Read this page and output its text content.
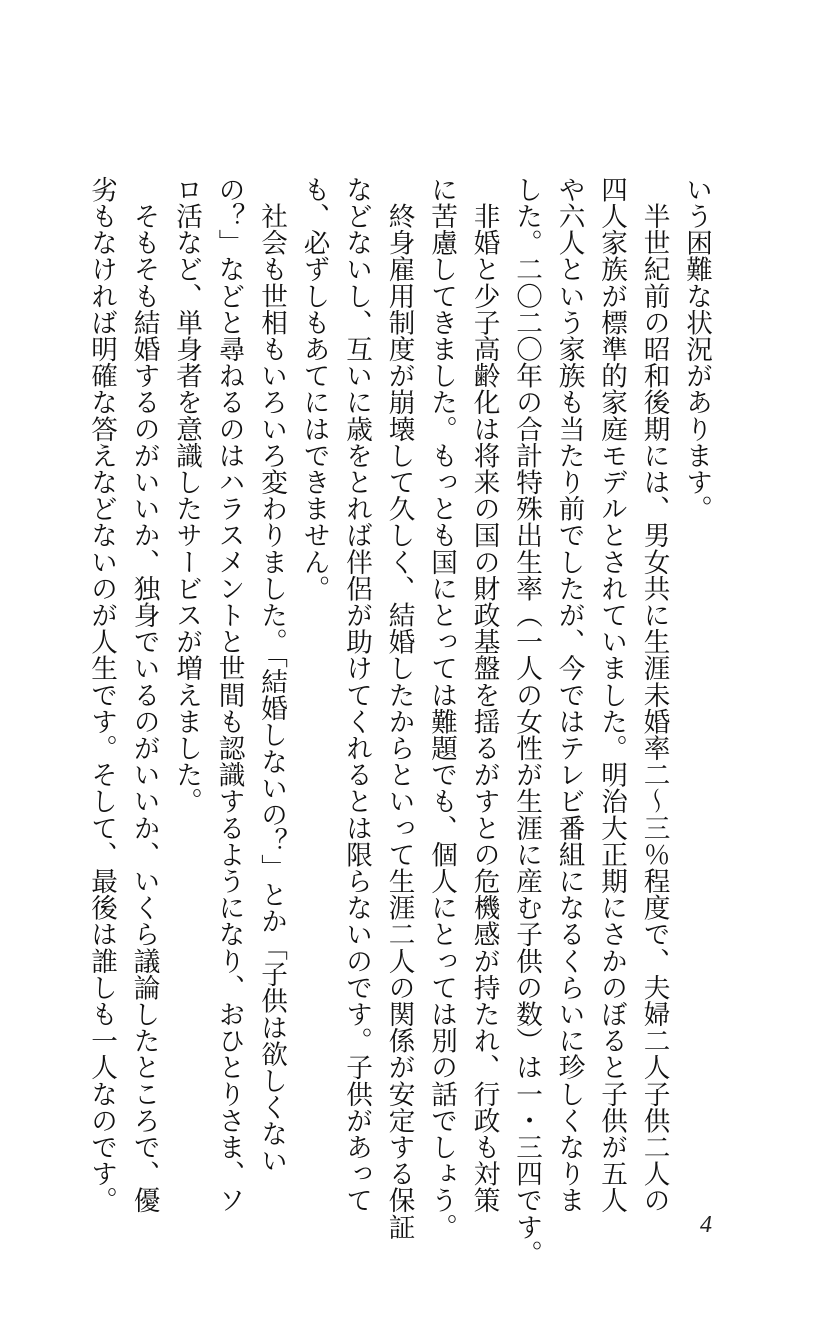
いう困難な状況があります。

　半世紀前の昭和後期には、男女共に生涯未婚率二〜三％程度で、夫婦二人子供二人の
四人家族が標準的家庭モデルとされていました。明治大正期にさかのぼると子供が五人
や六人という家族も当たり前でしたが、今ではテレビ番組になるくらいに珍しくなりま
した。二〇二〇年の合計特殊出生率（一人の女性が生涯に産む子供の数）は一・三四です。

　非婚と少子高齢化は将来の国の財政基盤を揺るがすとの危機感が持たれ、行政も対策
に苦慮してきました。もっとも国にとっては難題でも、個人にとっては別の話でしょう。

　終身雇用制度が崩壊して久しく、結婚したからといって生涯二人の関係が安定する保証
などないし、互いに歳をとれば伴侶が助けてくれるとは限らないのです。子供があって
も、必ずしもあてにはできません。

　社会も世相もいろいろ変わりました。「結婚しないの？」とか「子供は欲しくない
の？」などと尋ねるのはハラスメントと世間も認識するようになり、おひとりさま、ソ
ロ活など、単身者を意識したサービスが増えました。

　そもそも結婚するのがいいか、独身でいるのがいいか、いくら議論したところで、優
劣もなければ明確な答えなどないのが人生です。そして、最後は誰しも一人なのです。

4
